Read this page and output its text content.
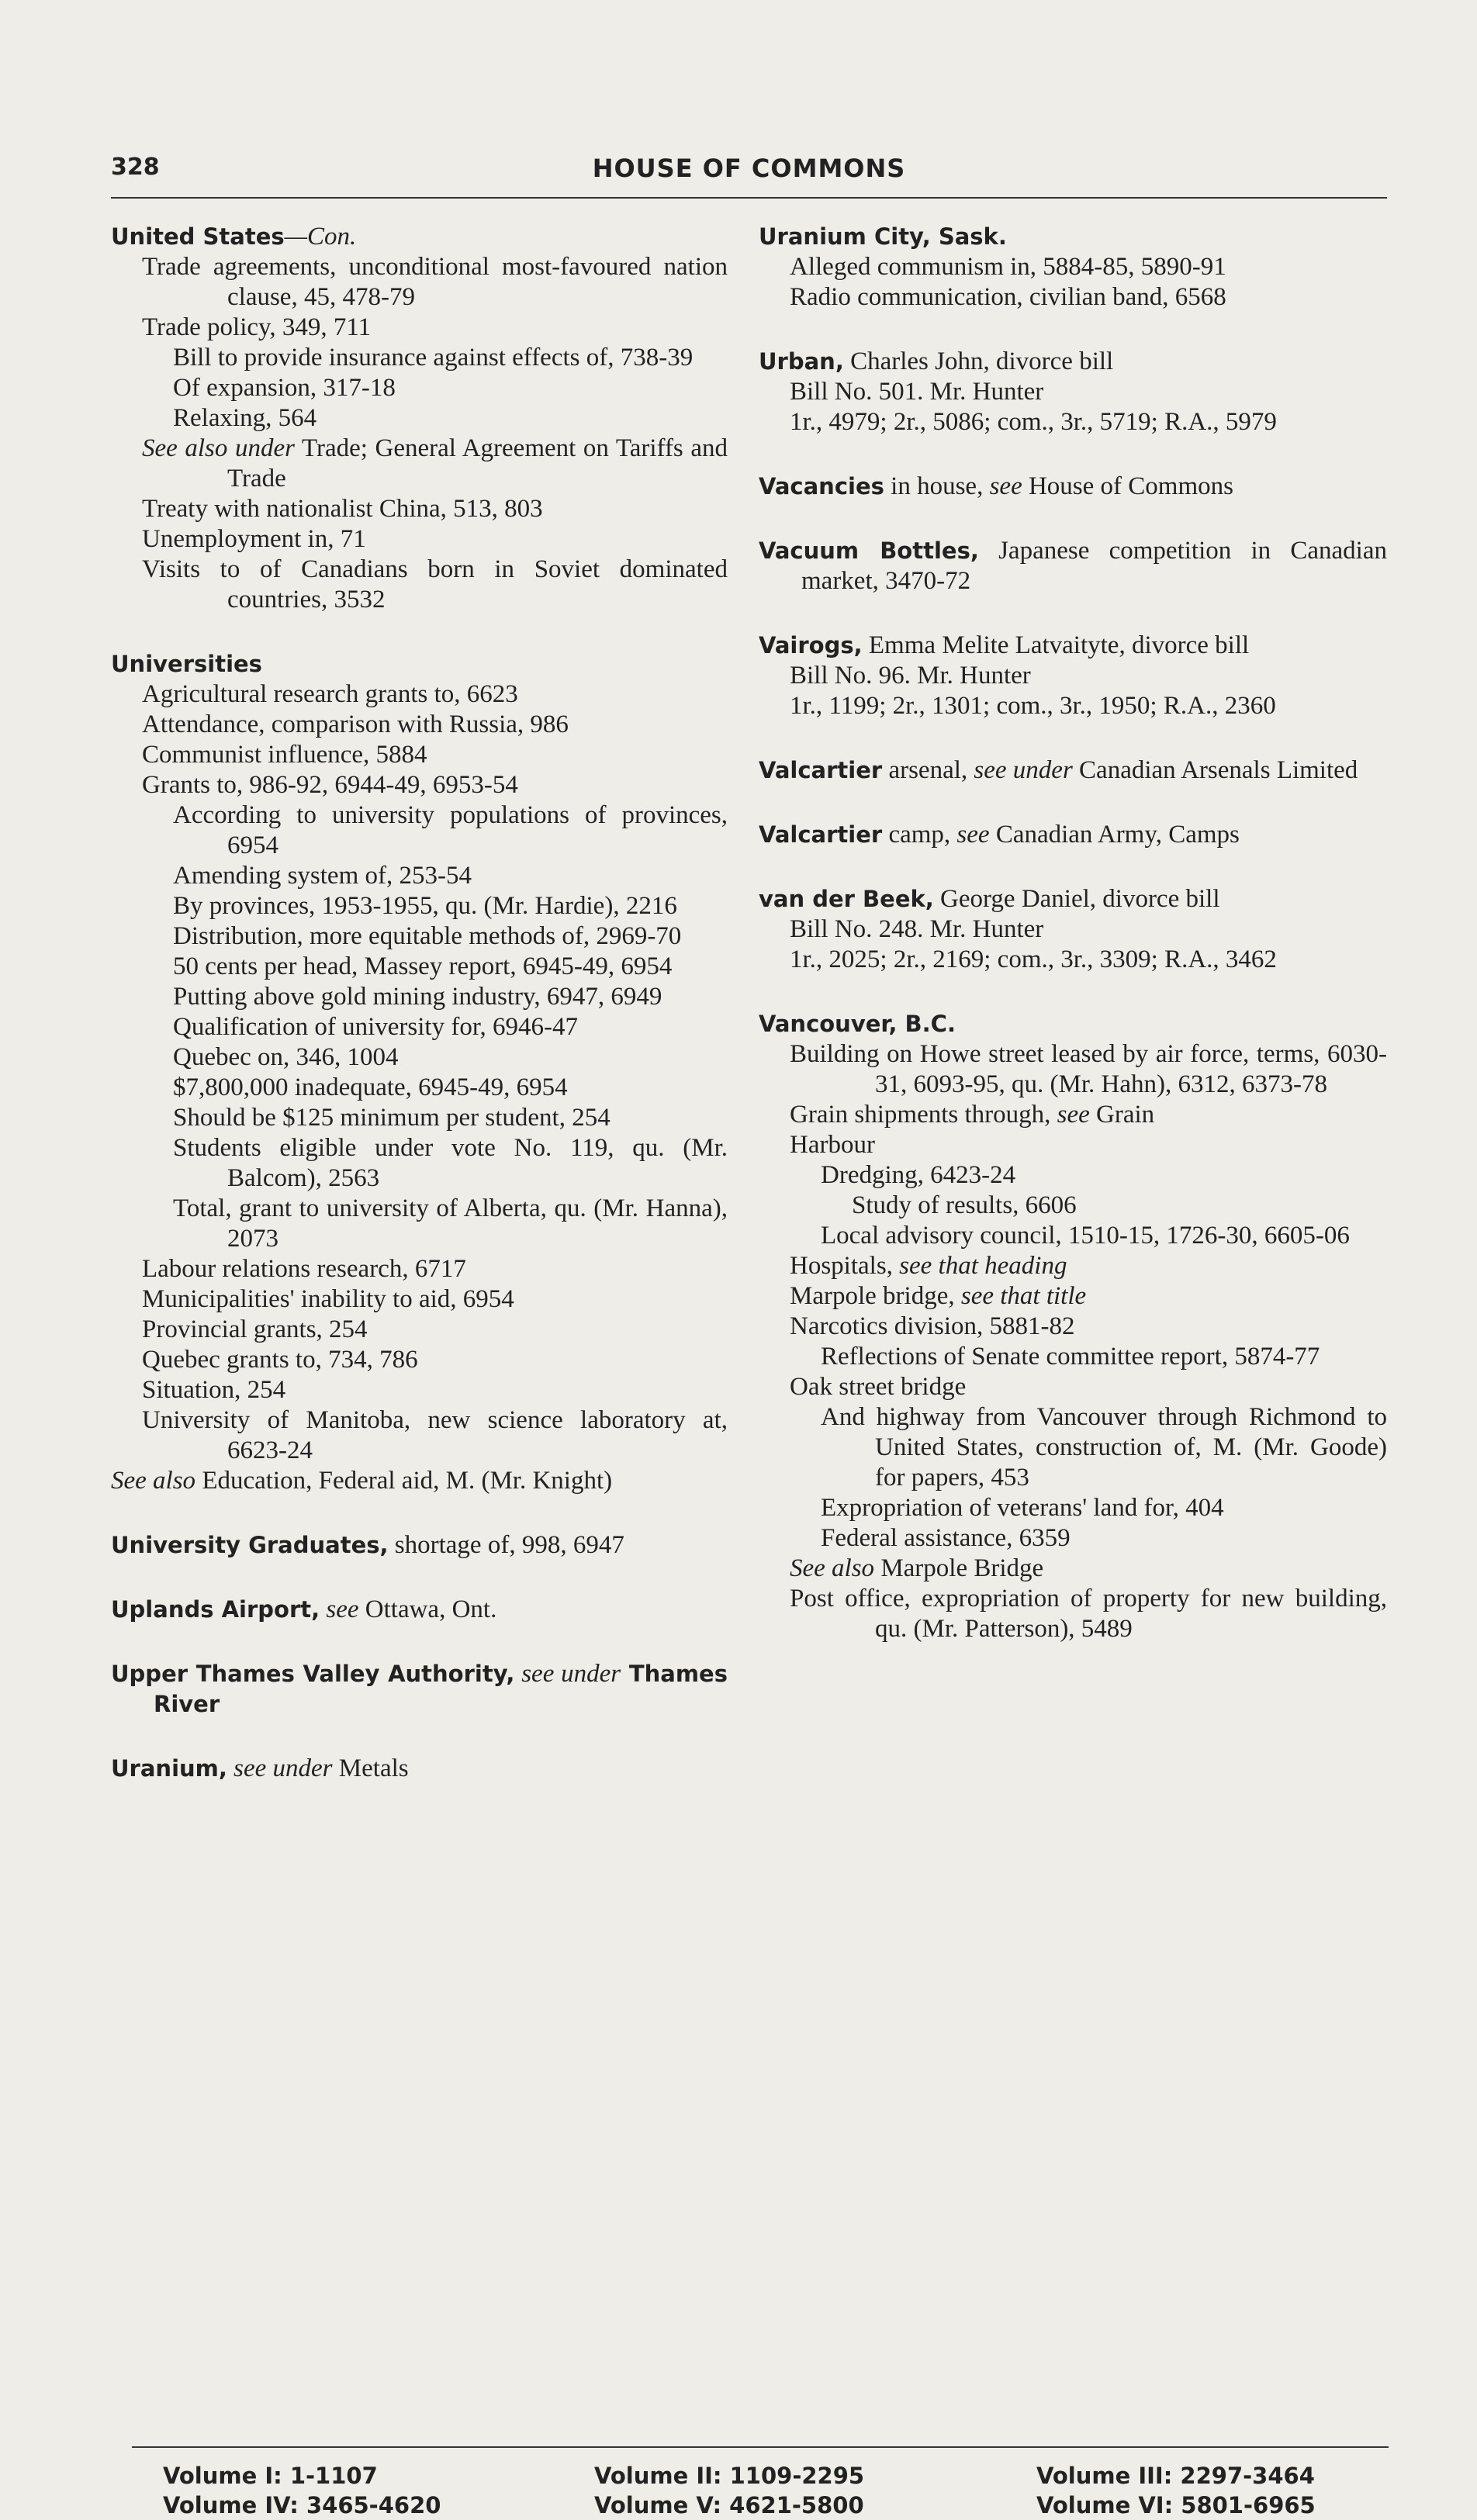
328	HOUSE OF COMMONS
United States—Con.
Trade agreements, unconditional most-favoured nation clause, 45, 478-79
Trade policy, 349, 711
Bill to provide insurance against effects of, 738-39
Of expansion, 317-18
Relaxing, 564
See also under Trade; General Agreement on Tariffs and Trade
Treaty with nationalist China, 513, 803
Unemployment in, 71
Visits to of Canadians born in Soviet dominated countries, 3532
Universities
Agricultural research grants to, 6623
Attendance, comparison with Russia, 986
Communist influence, 5884
Grants to, 986-92, 6944-49, 6953-54
According to university populations of provinces, 6954
Amending system of, 253-54
By provinces, 1953-1955, qu. (Mr. Hardie), 2216
Distribution, more equitable methods of, 2969-70
50 cents per head, Massey report, 6945-49, 6954
Putting above gold mining industry, 6947, 6949
Qualification of university for, 6946-47
Quebec on, 346, 1004
$7,800,000 inadequate, 6945-49, 6954
Should be $125 minimum per student, 254
Students eligible under vote No. 119, qu. (Mr. Balcom), 2563
Total, grant to university of Alberta, qu. (Mr. Hanna), 2073
Labour relations research, 6717
Municipalities' inability to aid, 6954
Provincial grants, 254
Quebec grants to, 734, 786
Situation, 254
University of Manitoba, new science laboratory at, 6623-24
See also Education, Federal aid, M. (Mr. Knight)
University Graduates, shortage of, 998, 6947
Uplands Airport, see Ottawa, Ont.
Upper Thames Valley Authority, see under Thames River
Uranium, see under Metals
Uranium City, Sask.
Alleged communism in, 5884-85, 5890-91
Radio communication, civilian band, 6568
Urban, Charles John, divorce bill
Bill No. 501. Mr. Hunter
1r., 4979; 2r., 5086; com., 3r., 5719; R.A., 5979
Vacancies in house, see House of Commons
Vacuum Bottles, Japanese competition in Canadian market, 3470-72
Vairogs, Emma Melite Latvaityte, divorce bill
Bill No. 96. Mr. Hunter
1r., 1199; 2r., 1301; com., 3r., 1950; R.A., 2360
Valcartier arsenal, see under Canadian Arsenals Limited
Valcartier camp, see Canadian Army, Camps
van der Beek, George Daniel, divorce bill
Bill No. 248. Mr. Hunter
1r., 2025; 2r., 2169; com., 3r., 3309; R.A., 3462
Vancouver, B.C.
Building on Howe street leased by air force, terms, 6030-31, 6093-95, qu. (Mr. Hahn), 6312, 6373-78
Grain shipments through, see Grain
Harbour
Dredging, 6423-24
Study of results, 6606
Local advisory council, 1510-15, 1726-30, 6605-06
Hospitals, see that heading
Marpole bridge, see that title
Narcotics division, 5881-82
Reflections of Senate committee report, 5874-77
Oak street bridge
And highway from Vancouver through Richmond to United States, construction of, M. (Mr. Goode) for papers, 453
Expropriation of veterans' land for, 404
Federal assistance, 6359
See also Marpole Bridge
Post office, expropriation of property for new building, qu. (Mr. Patterson), 5489
Volume I: 1-1107	Volume II: 1109-2295	Volume III: 2297-3464
Volume IV: 3465-4620	Volume V: 4621-5800	Volume VI: 5801-6965
